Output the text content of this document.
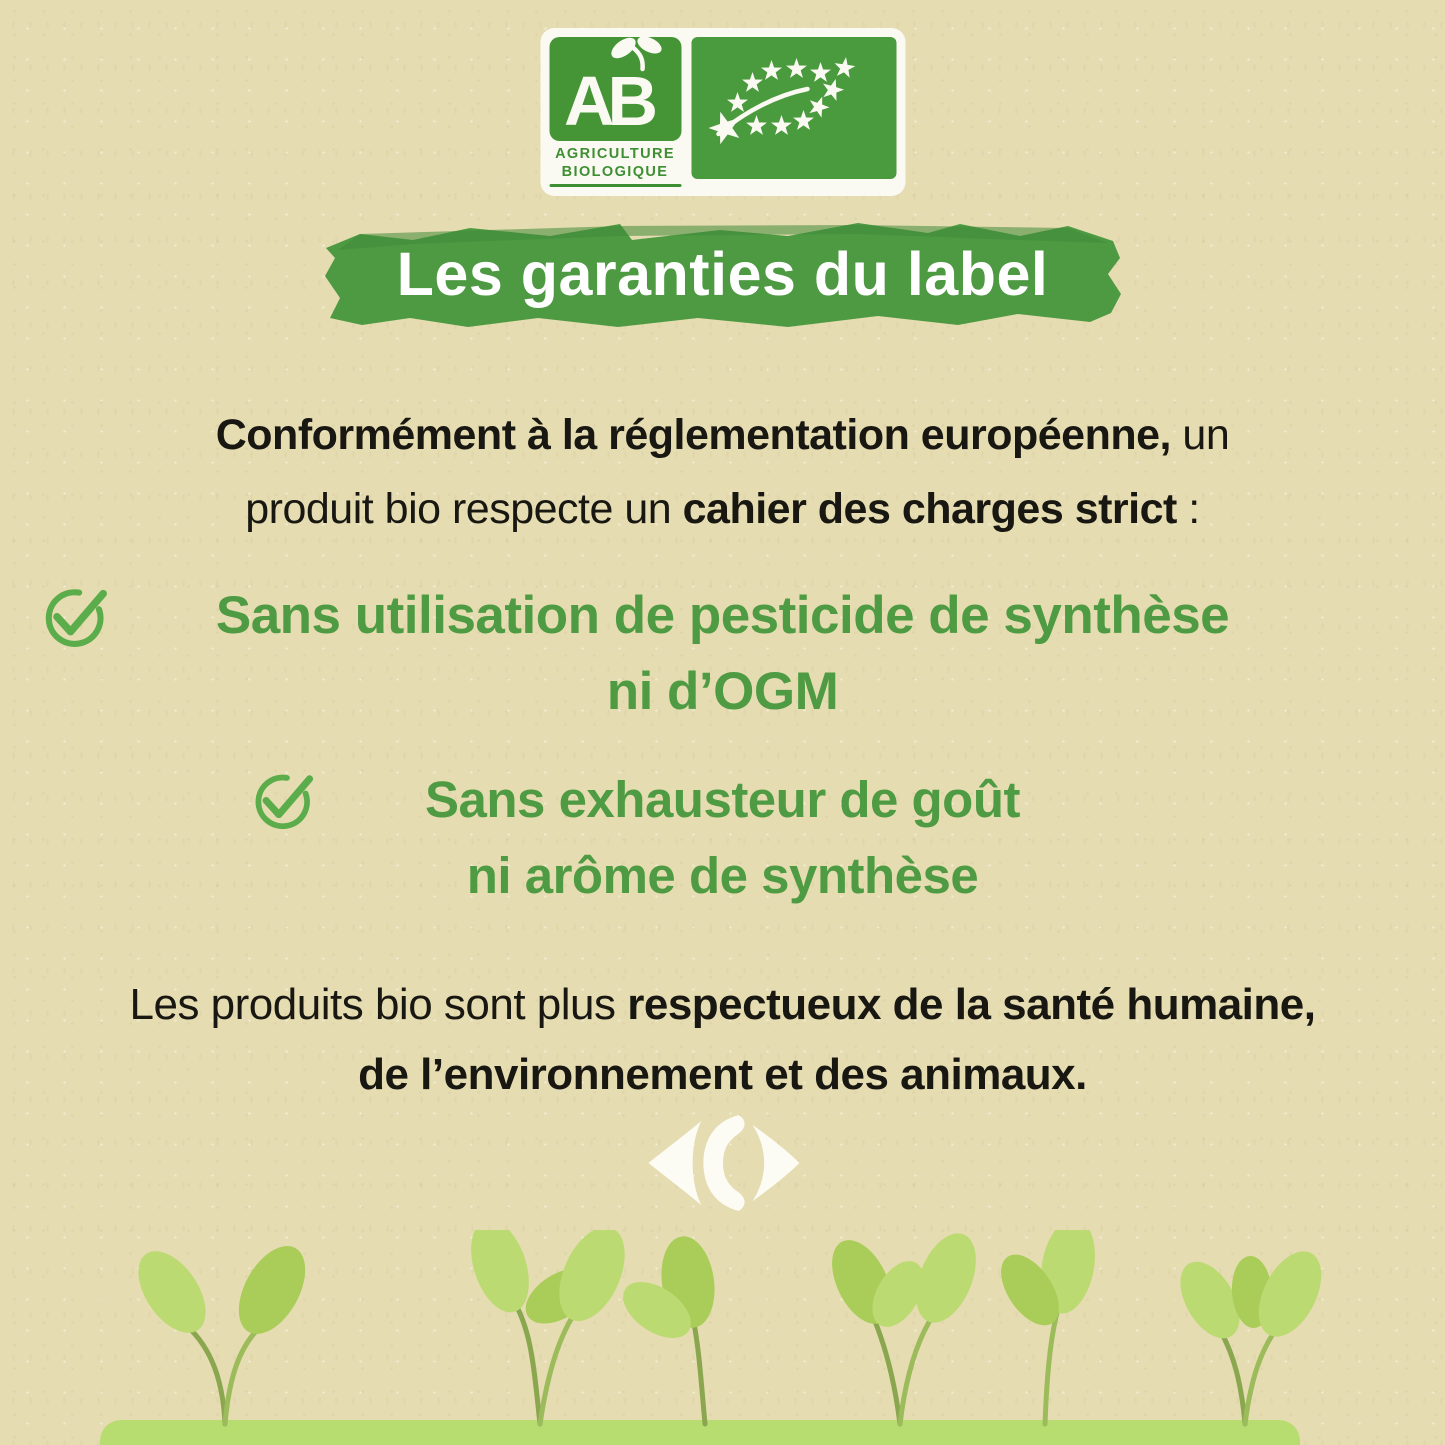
AB
AGRICULTURE
BIOLOGIQUE
Les garanties du label
Conformément à la réglementation européenne, un
produit bio respecte un cahier des charges strict :
Sans utilisation de pesticide de synthèse
ni d’OGM
Sans exhausteur de goût
ni arôme de synthèse
Les produits bio sont plus respectueux de la santé humaine,
de l’environnement et des animaux.
